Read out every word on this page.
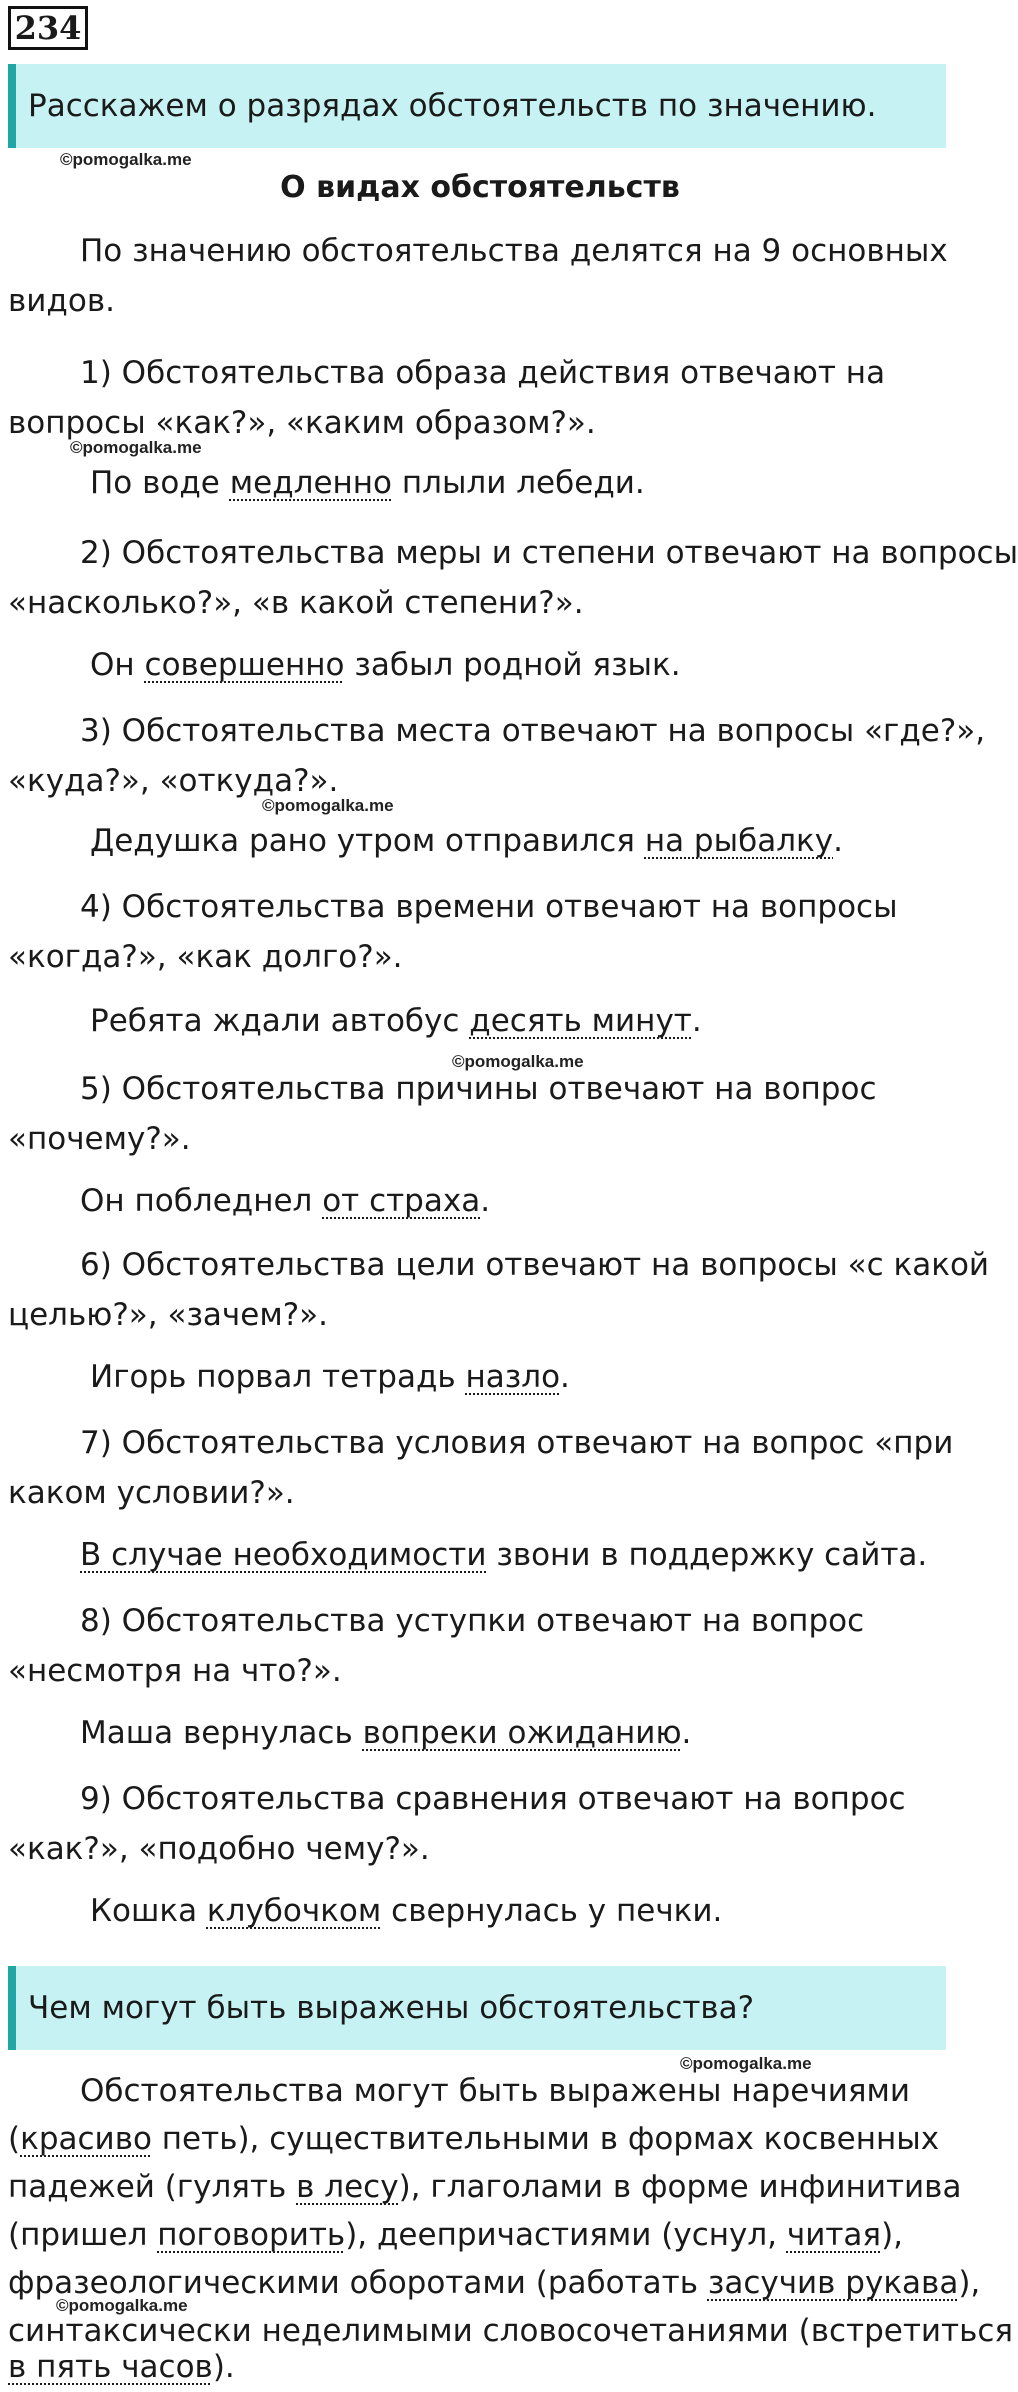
234
Расскажем о разрядах обстоятельств по значению.
©pomogalka.me
О видах обстоятельств
По значению обстоятельства делятся на 9 основных
видов.
1) Обстоятельства образа действия отвечают на
вопросы «как?», «каким образом?».
©pomogalka.me
По воде медленно плыли лебеди.
2) Обстоятельства меры и степени отвечают на вопросы
«насколько?», «в какой степени?».
Он совершенно забыл родной язык.
3) Обстоятельства места отвечают на вопросы «где?»,
«куда?», «откуда?».
©pomogalka.me
Дедушка рано утром отправился на рыбалку.
4) Обстоятельства времени отвечают на вопросы
«когда?», «как долго?».
Ребята ждали автобус десять минут.
©pomogalka.me
5) Обстоятельства причины отвечают на вопрос
«почему?».
Он побледнел от страха.
6) Обстоятельства цели отвечают на вопросы «с какой
целью?», «зачем?».
Игорь порвал тетрадь назло.
7) Обстоятельства условия отвечают на вопрос «при
каком условии?».
В случае необходимости звони в поддержку сайта.
8) Обстоятельства уступки отвечают на вопрос
«несмотря на что?».
Маша вернулась вопреки ожиданию.
9) Обстоятельства сравнения отвечают на вопрос
«как?», «подобно чему?».
Кошка клубочком свернулась у печки.
Чем могут быть выражены обстоятельства?
©pomogalka.me
Обстоятельства могут быть выражены наречиями
(красиво петь), существительными в формах косвенных
падежей (гулять в лесу), глаголами в форме инфинитива
(пришел поговорить), деепричастиями (уснул, читая),
фразеологическими оборотами (работать засучив рукава),
©pomogalka.me
синтаксически неделимыми словосочетаниями (встретиться
в пять часов).
